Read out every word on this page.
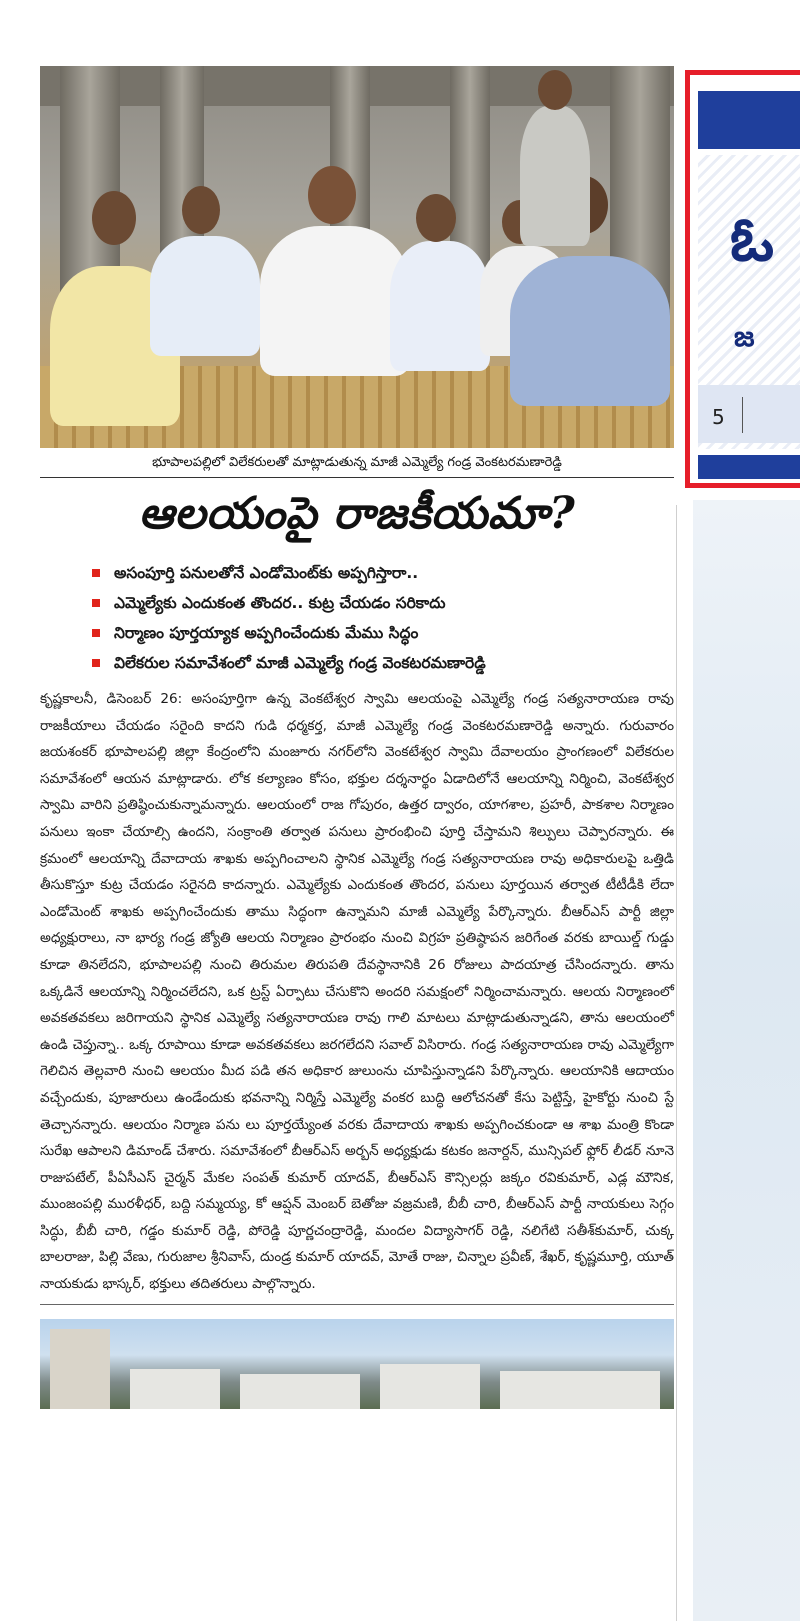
భూపాలపల్లిలో విలేకరులతో మాట్లాడుతున్న మాజీ ఎమ్మెల్యే గండ్ర వెంకటరమణారెడ్డి
ఆలయంపై రాజకీయమా?
అసంపూర్తి పనులతోనే ఎండోమెంట్‌కు అప్పగిస్తారా..
ఎమ్మెల్యేకు ఎందుకంత తొందర.. కుట్ర చేయడం సరికాదు
నిర్మాణం పూర్తయ్యాక అప్పగించేందుకు మేము సిద్ధం
విలేకరుల సమావేశంలో మాజీ ఎమ్మెల్యే గండ్ర వెంకటరమణారెడ్డి

కృష్ణకాలనీ, డిసెంబర్ 26: అసంపూర్తిగా ఉన్న వెంకటేశ్వర స్వామి ఆలయంపై ఎమ్మెల్యే గండ్ర సత్యనారాయణ రావు రాజకీయాలు చేయడం సరైంది కాదని గుడి ధర్మకర్త, మాజీ ఎమ్మెల్యే గండ్ర వెంకటరమణారెడ్డి అన్నారు. గురువారం జయశంకర్ భూపాలపల్లి జిల్లా కేంద్రంలోని మంజూరు నగర్‌లోని వెంకటేశ్వర స్వామి దేవాలయం ప్రాంగణంలో విలేకరుల సమావేశంలో ఆయన మాట్లాడారు. లోక కల్యాణం కోసం, భక్తుల దర్శనార్థం ఏడాదిలోనే ఆలయాన్ని నిర్మించి, వెంకటేశ్వర స్వామి వారిని ప్రతిష్ఠించుకున్నామన్నారు. ఆలయంలో రాజ గోపురం, ఉత్తర ద్వారం, యాగశాల, ప్రహరీ, పాకశాల నిర్మాణం పనులు ఇంకా చేయాల్సి ఉందని, సంక్రాంతి తర్వాత పనులు ప్రారంభించి పూర్తి చేస్తామని శిల్పులు చెప్పారన్నారు. ఈ క్రమంలో ఆలయాన్ని దేవాదాయ శాఖకు అప్పగించాలని స్థానిక ఎమ్మెల్యే గండ్ర సత్యనారాయణ రావు అధికారులపై ఒత్తిడి తీసుకొస్తూ కుట్ర చేయడం సరైనది కాదన్నారు. ఎమ్మెల్యేకు ఎందుకంత తొందర, పనులు పూర్తయిన తర్వాత టీటీడీకి లేదా ఎండోమెంట్ శాఖకు అప్పగించేందుకు తాము సిద్ధంగా ఉన్నామని మాజీ ఎమ్మెల్యే పేర్కొన్నారు. బీఆర్ఎస్ పార్టీ జిల్లా అధ్యక్షురాలు, నా భార్య గండ్ర జ్యోతి ఆలయ నిర్మాణం ప్రారంభం నుంచి విగ్రహ ప్రతిష్ఠాపన జరిగేంత వరకు బాయిల్డ్ గుడ్డు కూడా తినలేదని, భూపాలపల్లి నుంచి తిరుమల తిరుపతి దేవస్థానానికి 26 రోజులు పాదయాత్ర చేసిందన్నారు. తాను ఒక్కడినే ఆలయాన్ని నిర్మించలేదని, ఒక ట్రస్ట్ ఏర్పాటు చేసుకొని అందరి సమక్షంలో నిర్మించామన్నారు. ఆలయ నిర్మాణంలో అవకతవకలు జరిగాయని స్థానిక ఎమ్మెల్యే సత్యనారాయణ రావు గాలి మాటలు మాట్లాడుతున్నాడని, తాను ఆలయంలో ఉండి చెప్తున్నా.. ఒక్క రూపాయి కూడా అవకతవకలు జరగలేదని సవాల్ విసిరారు. గండ్ర సత్యనారాయణ రావు ఎమ్మెల్యేగా గెలిచిన తెల్లవారి నుంచి ఆలయం మీద పడి తన అధికార జులుంను చూపిస్తున్నాడని పేర్కొన్నారు. ఆలయానికి ఆదాయం వచ్చేందుకు, పూజారులు ఉండేందుకు భవనాన్ని నిర్మిస్తే ఎమ్మెల్యే వంకర బుద్ధి ఆలోచనతో కేసు పెట్టిస్తే, హైకోర్టు నుంచి స్టే తెచ్చానన్నారు. ఆలయం నిర్మాణ పను లు పూర్తయ్యేంత వరకు దేవాదాయ శాఖకు అప్పగించకుండా ఆ శాఖ మంత్రి కొండా సురేఖ ఆపాలని డిమాండ్ చేశారు. సమావేశంలో బీఆర్ఎస్ అర్బన్ అధ్యక్షుడు కటకం జనార్దన్, మున్సిపల్ ఫ్లోర్ లీడర్ నూనె రాజుపటేల్, పీఏసీఎస్ చైర్మన్ మేకల సంపత్ కుమార్ యాదవ్, బీఆర్ఎస్ కౌన్సిలర్లు జక్కం రవికుమార్, ఎడ్ల మౌనిక, ముంజంపల్లి మురళీధర్, బద్ది సమ్మయ్య, కో ఆప్షన్ మెంబర్ బెతోజు వజ్రమణి, బీబీ చారి, బీఆర్ఎస్ పార్టీ నాయకులు సెగ్గం సిద్ధు, బీబీ చారి, గడ్డం కుమార్ రెడ్డి, పోరెడ్డి పూర్ణచంద్రారెడ్డి, మందల విద్యాసాగర్ రెడ్డి, నలిగేటి సతీశ్‌కుమార్, చుక్క బాలరాజు, పిల్లి వేణు, గురుజాల శ్రీనివాస్, దుండ్ర కుమార్ యాదవ్, మోతే రాజు, చిన్నాల ప్రవీణ్, శేఖర్, కృష్ణమూర్తి, యూత్ నాయకుడు భాస్కర్, భక్తులు తదితరులు పాల్గొన్నారు.

ఓ
జ
5
